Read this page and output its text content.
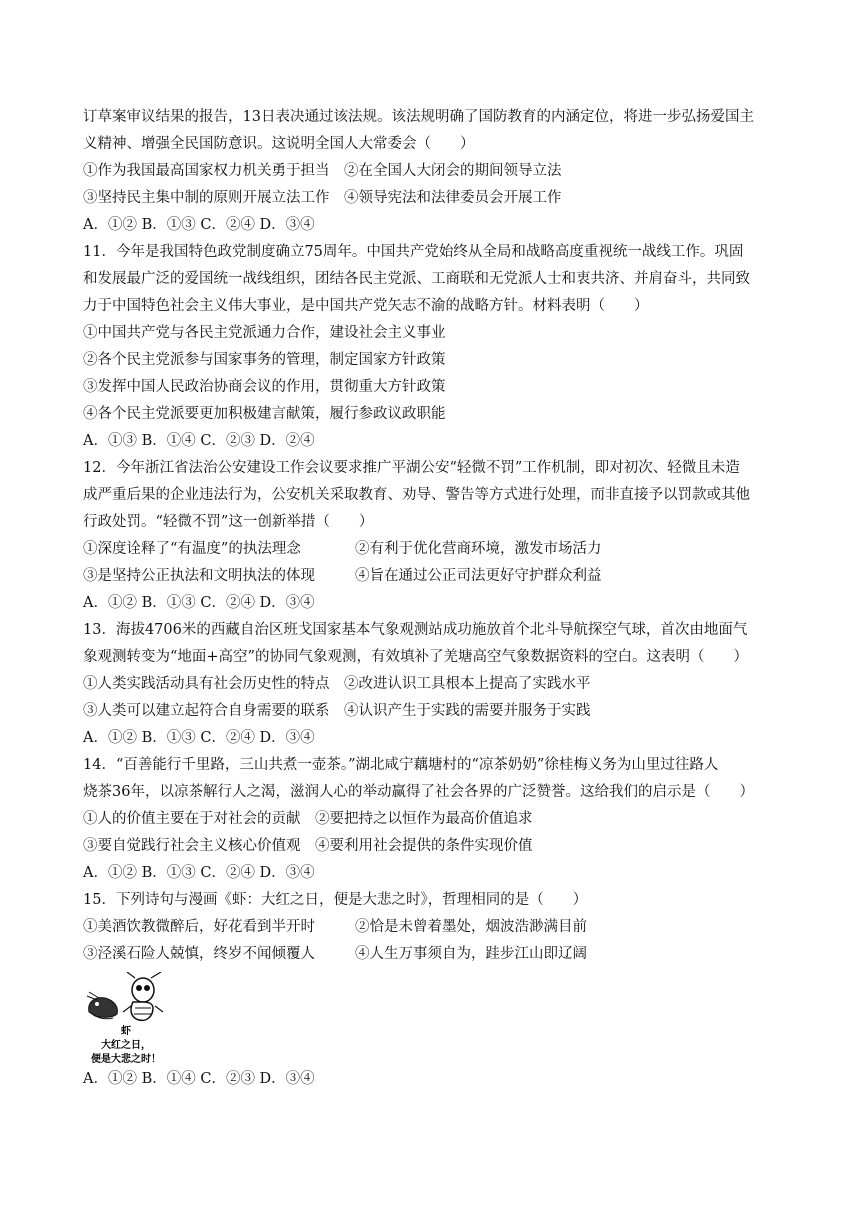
订草案审议结果的报告，13日表决通过该法规。该法规明确了国防教育的内涵定位，将进一步弘扬爱国主
义精神、增强全民国防意识。这说明全国人大常委会（　　）
①作为我国最高国家权力机关勇于担当　②在全国人大闭会的期间领导立法
③坚持民主集中制的原则开展立法工作　④领导宪法和法律委员会开展工作
A．①② B．①③ C．②④ D．③④
11．今年是我国特色政党制度确立75周年。中国共产党始终从全局和战略高度重视统一战线工作。巩固
和发展最广泛的爱国统一战线组织，团结各民主党派、工商联和无党派人士和衷共济、并肩奋斗，共同致
力于中国特色社会主义伟大事业，是中国共产党矢志不渝的战略方针。材料表明（　　）
①中国共产党与各民主党派通力合作，建设社会主义事业
②各个民主党派参与国家事务的管理，制定国家方针政策
③发挥中国人民政治协商会议的作用，贯彻重大方针政策
④各个民主党派要更加积极建言献策，履行参政议政职能
A．①③ B．①④ C．②③ D．②④
12．今年浙江省法治公安建设工作会议要求推广平湖公安“轻微不罚”工作机制，即对初次、轻微且未造
成严重后果的企业违法行为，公安机关采取教育、劝导、警告等方式进行处理，而非直接予以罚款或其他
行政处罚。“轻微不罚”这一创新举措（　　）
①深度诠释了“有温度”的执法理念	②有利于优化营商环境，激发市场活力
③是坚持公正执法和文明执法的体现	④旨在通过公正司法更好守护群众利益
A．①② B．①③ C．②④ D．③④
13．海拔4706米的西藏自治区班戈国家基本气象观测站成功施放首个北斗导航探空气球，首次由地面气
象观测转变为“地面+高空”的协同气象观测，有效填补了羌塘高空气象数据资料的空白。这表明（　　）
①人类实践活动具有社会历史性的特点　②改进认识工具根本上提高了实践水平
③人类可以建立起符合自身需要的联系　④认识产生于实践的需要并服务于实践
A．①② B．①③ C．②④ D．③④
14．“百善能行千里路，三山共煮一壶茶。”湖北咸宁藕塘村的“凉茶奶奶”徐桂梅义务为山里过往路人
烧茶36年，以凉茶解行人之渴，滋润人心的举动赢得了社会各界的广泛赞誉。这给我们的启示是（　　）
①人的价值主要在于对社会的贡献　②要把持之以恒作为最高价值追求
③要自觉践行社会主义核心价值观　④要利用社会提供的条件实现价值
A．①② B．①③ C．②④ D．③④
15．下列诗句与漫画《虾：大红之日，便是大悲之时》，哲理相同的是（　　）
①美酒饮教微醉后，好花看到半开时	②恰是未曾着墨处，烟波浩渺满目前
③泾溪石险人兢慎，终岁不闻倾覆人	④人生万事须自为，跬步江山即辽阔
虾
大红之日，
便是大悲之时！
A．①② B．①④ C．②③ D．③④
